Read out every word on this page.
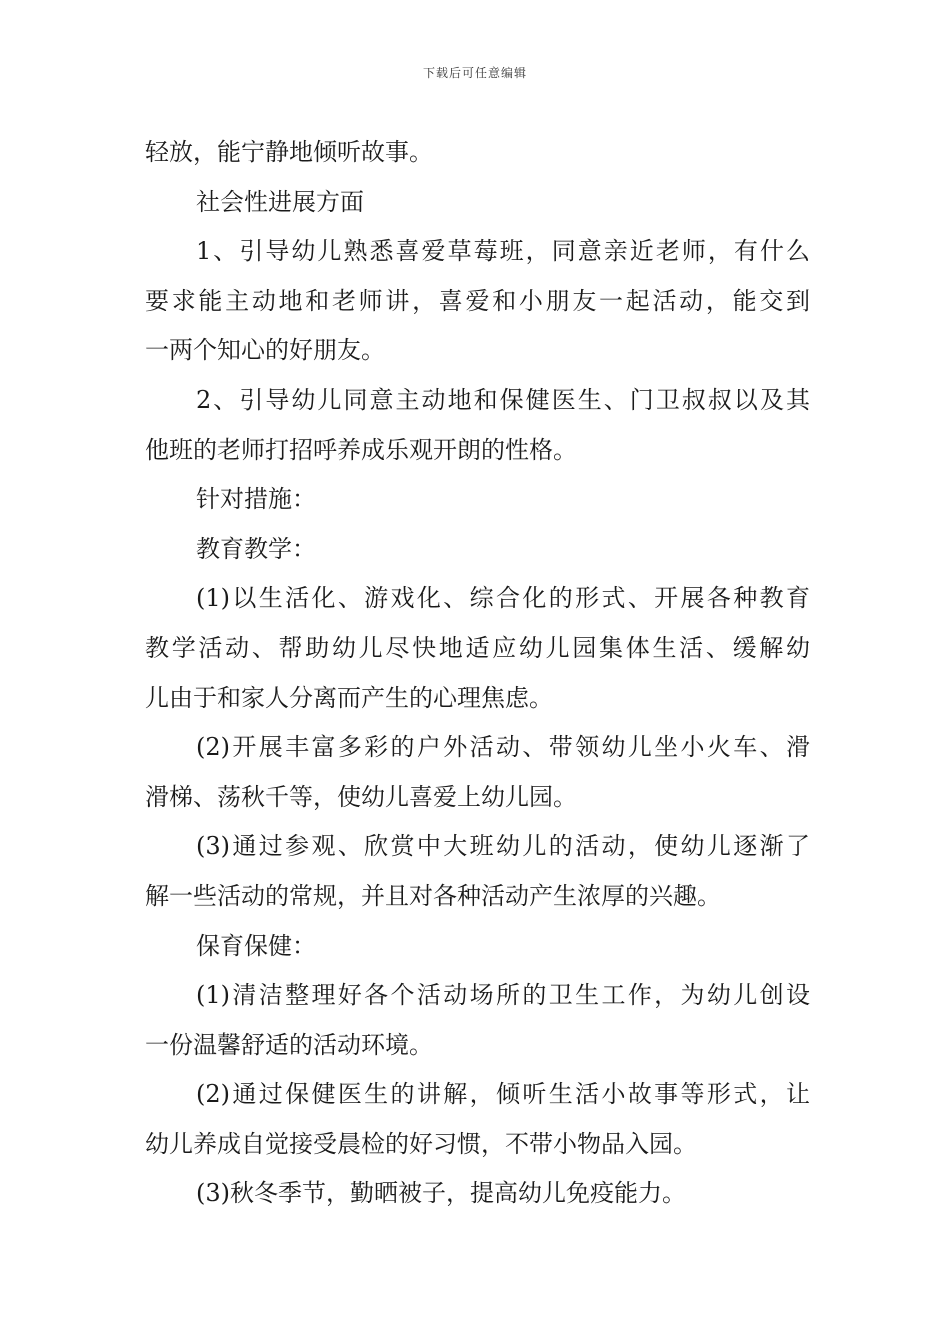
下载后可任意编辑
轻放，能宁静地倾听故事。
社会性进展方面
1、引导幼儿熟悉喜爱草莓班，同意亲近老师，有什么
要求能主动地和老师讲，喜爱和小朋友一起活动，能交到
一两个知心的好朋友。
2、引导幼儿同意主动地和保健医生、门卫叔叔以及其
他班的老师打招呼养成乐观开朗的性格。
针对措施：
教育教学：
(1)以生活化、游戏化、综合化的形式、开展各种教育
教学活动、帮助幼儿尽快地适应幼儿园集体生活、缓解幼
儿由于和家人分离而产生的心理焦虑。
(2)开展丰富多彩的户外活动、带领幼儿坐小火车、滑
滑梯、荡秋千等，使幼儿喜爱上幼儿园。
(3)通过参观、欣赏中大班幼儿的活动，使幼儿逐渐了
解一些活动的常规，并且对各种活动产生浓厚的兴趣。
保育保健：
(1)清洁整理好各个活动场所的卫生工作，为幼儿创设
一份温馨舒适的活动环境。
(2)通过保健医生的讲解，倾听生活小故事等形式，让
幼儿养成自觉接受晨检的好习惯，不带小物品入园。
(3)秋冬季节，勤晒被子，提高幼儿免疫能力。
